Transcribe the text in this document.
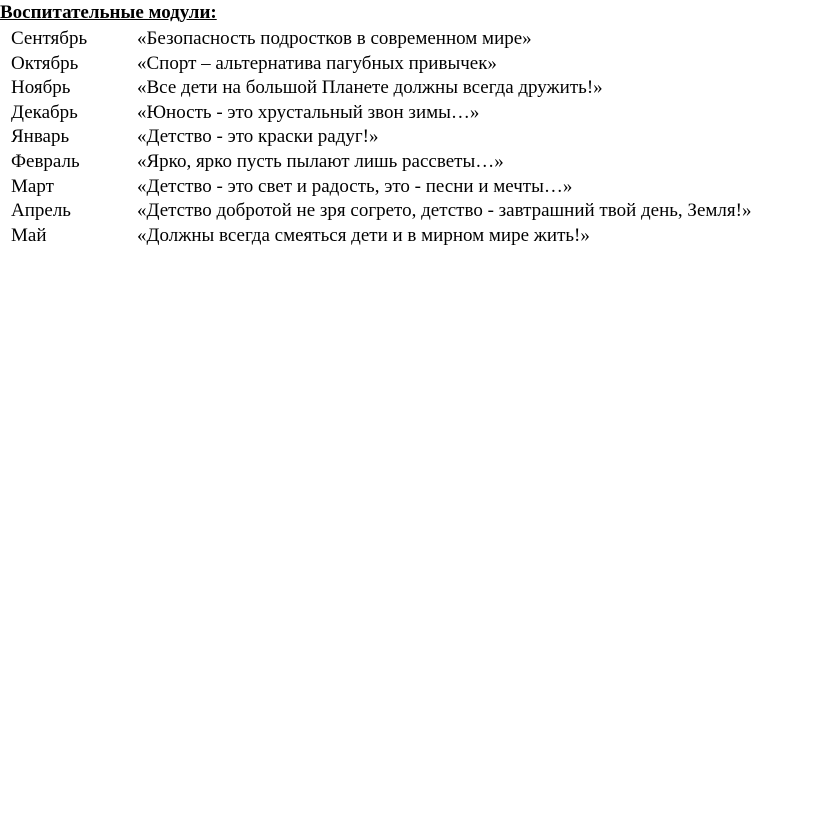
Воспитательные модули:
Сентябрь	«Безопасность подростков в современном мире»
Октябрь	«Спорт – альтернатива пагубных привычек»
Ноябрь	«Все дети на большой Планете должны всегда дружить!»
Декабрь	«Юность - это хрустальный звон зимы…»
Январь	«Детство - это краски радуг!»
Февраль	«Ярко, ярко пусть пылают лишь рассветы…»
Март	«Детство - это свет и радость, это - песни и мечты…»
Апрель	«Детство добротой не зря согрето, детство - завтрашний твой день, Земля!»
Май	«Должны всегда смеяться дети и в мирном мире жить!»
